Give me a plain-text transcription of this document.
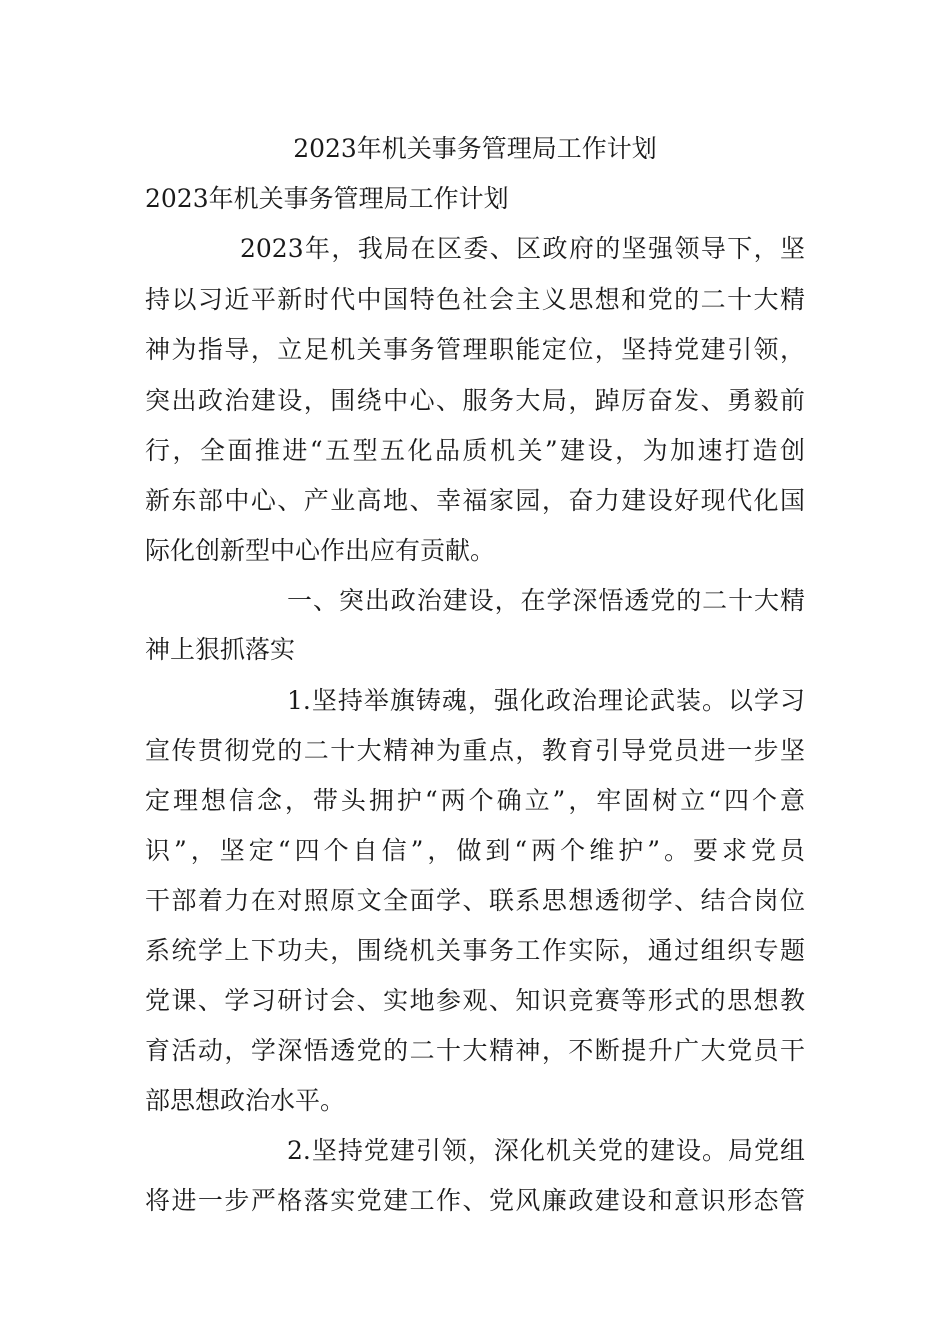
2023年机关事务管理局工作计划
2023年机关事务管理局工作计划
2023年，我局在区委、区政府的坚强领导下，坚
持以习近平新时代中国特色社会主义思想和党的二十大精
神为指导，立足机关事务管理职能定位，坚持党建引领，
突出政治建设，围绕中心、服务大局，踔厉奋发、勇毅前
行，全面推进“五型五化品质机关”建设，为加速打造创
新东部中心、产业高地、幸福家园，奋力建设好现代化国
际化创新型中心作出应有贡献。
一、突出政治建设，在学深悟透党的二十大精
神上狠抓落实
1.坚持举旗铸魂，强化政治理论武装。以学习
宣传贯彻党的二十大精神为重点，教育引导党员进一步坚
定理想信念，带头拥护“两个确立”，牢固树立“四个意
识”，坚定“四个自信”，做到“两个维护”。要求党员
干部着力在对照原文全面学、联系思想透彻学、结合岗位
系统学上下功夫，围绕机关事务工作实际，通过组织专题
党课、学习研讨会、实地参观、知识竞赛等形式的思想教
育活动，学深悟透党的二十大精神，不断提升广大党员干
部思想政治水平。
2.坚持党建引领，深化机关党的建设。局党组
将进一步严格落实党建工作、党风廉政建设和意识形态管
